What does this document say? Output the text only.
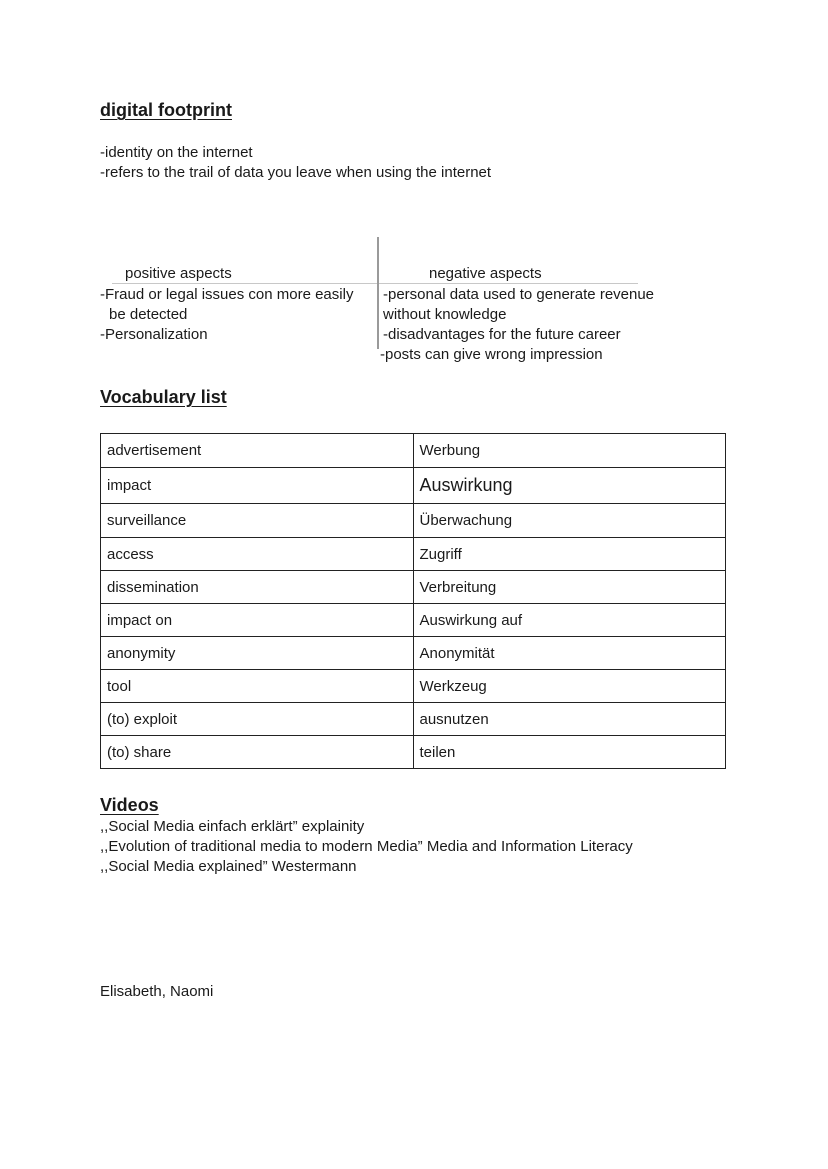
digital footprint
-identity on the internet
-refers to the trail of data you leave when using the internet
positive aspects	negative aspects
-Fraud or legal issues con more easily
be detected
-Personalization
-personal data used to generate revenue
without knowledge
-disadvantages for the future career
-posts can give wrong impression
Vocabulary list
advertisement	Werbung
impact	Auswirkung
surveillance	Überwachung
access	Zugriff
dissemination	Verbreitung
impact on	Auswirkung auf
anonymity	Anonymität
tool	Werkzeug
(to) exploit	ausnutzen
(to) share	teilen
Videos
,,Social Media einfach erklärt” explainity
,,Evolution of traditional media to modern Media” Media and Information Literacy
,,Social Media explained” Westermann
Elisabeth, Naomi
